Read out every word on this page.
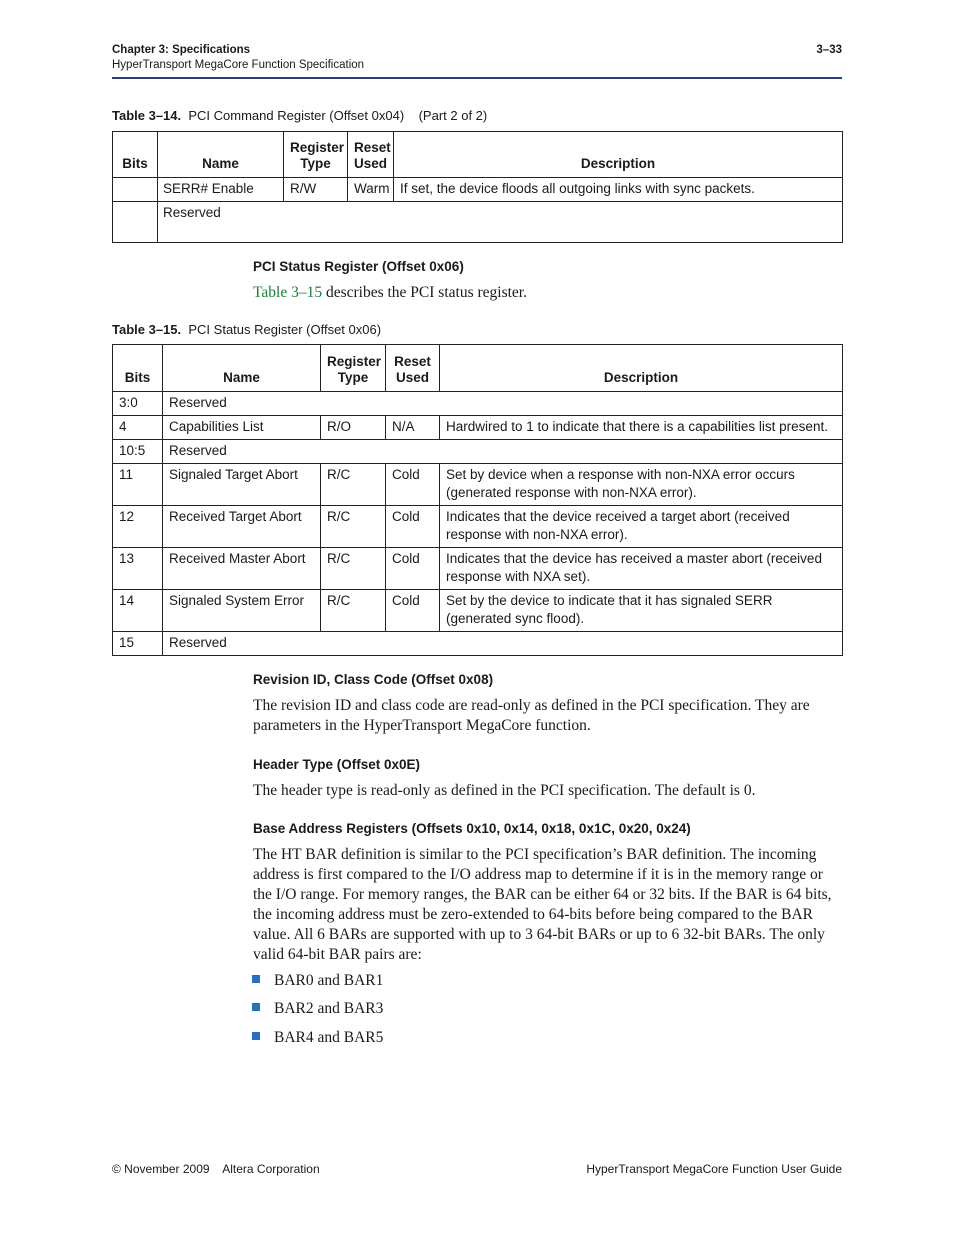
Chapter 3: Specifications
HyperTransport MegaCore Function Specification
3–33
Table 3–14. PCI Command Register (Offset 0x04)    (Part 2 of 2)
Bits	Name	Register Type	Reset Used	Description
	SERR# Enable	R/W	Warm	If set, the device floods all outgoing links with sync packets.
	Reserved			
PCI Status Register (Offset 0x06)
Table 3–15 describes the PCI status register.
Table 3–15. PCI Status Register (Offset 0x06)
Bits	Name	Register Type	Reset Used	Description
3:0	Reserved			
4	Capabilities List	R/O	N/A	Hardwired to 1 to indicate that there is a capabilities list present.
10:5	Reserved			
11	Signaled Target Abort	R/C	Cold	Set by device when a response with non-NXA error occurs (generated response with non-NXA error).
12	Received Target Abort	R/C	Cold	Indicates that the device received a target abort (received response with non-NXA error).
13	Received Master Abort	R/C	Cold	Indicates that the device has received a master abort (received response with NXA set).
14	Signaled System Error	R/C	Cold	Set by the device to indicate that it has signaled SERR (generated sync flood).
15	Reserved			
Revision ID, Class Code (Offset 0x08)
The revision ID and class code are read-only as defined in the PCI specification. They are parameters in the HyperTransport MegaCore function.
Header Type (Offset 0x0E)
The header type is read-only as defined in the PCI specification. The default is 0.
Base Address Registers (Offsets 0x10, 0x14, 0x18, 0x1C, 0x20, 0x24)
The HT BAR definition is similar to the PCI specification’s BAR definition. The incoming address is first compared to the I/O address map to determine if it is in the memory range or the I/O range. For memory ranges, the BAR can be either 64 or 32 bits. If the BAR is 64 bits, the incoming address must be zero-extended to 64-bits before being compared to the BAR value. All 6 BARs are supported with up to 3 64-bit BARs or up to 6 32-bit BARs. The only valid 64-bit BAR pairs are:
BAR0 and BAR1
BAR2 and BAR3
BAR4 and BAR5
© November 2009    Altera Corporation	HyperTransport MegaCore Function User Guide
